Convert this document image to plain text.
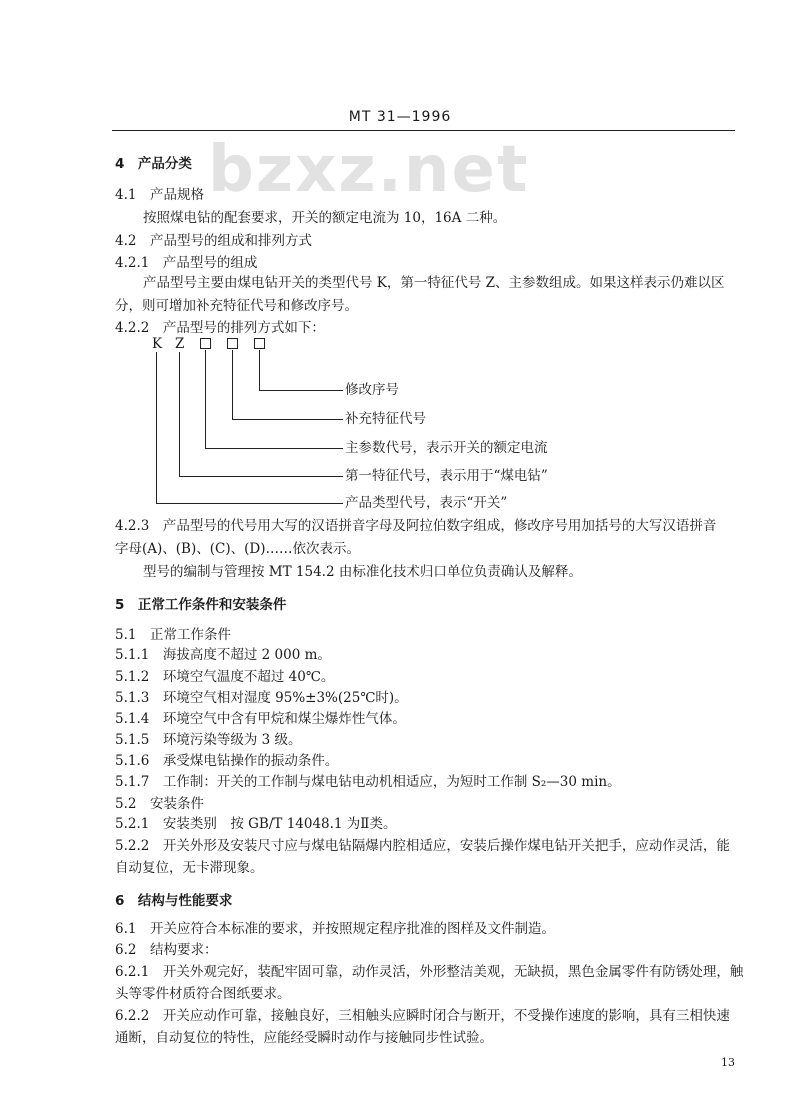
MT 31—1996
bzxz.net
4　产品分类
4.1　产品规格
按照煤电钻的配套要求，开关的额定电流为 10，16A 二种。
4.2　产品型号的组成和排列方式
4.2.1　产品型号的组成
产品型号主要由煤电钻开关的类型代号 K，第一特征代号 Z、主参数组成。如果这样表示仍难以区
分，则可增加补充特征代号和修改序号。
4.2.2　产品型号的排列方式如下：
K Z
修改序号
补充特征代号
主参数代号，表示开关的额定电流
第一特征代号，表示用于“煤电钻”
产品类型代号，表示“开关”
4.2.3　产品型号的代号用大写的汉语拼音字母及阿拉伯数字组成，修改序号用加括号的大写汉语拼音
字母(A)、(B)、(C)、(D)……依次表示。
型号的编制与管理按 MT 154.2 由标准化技术归口单位负责确认及解释。
5　正常工作条件和安装条件
5.1　正常工作条件
5.1.1　海拔高度不超过 2 000 m。
5.1.2　环境空气温度不超过 40℃。
5.1.3　环境空气相对湿度 95%±3%(25℃时)。
5.1.4　环境空气中含有甲烷和煤尘爆炸性气体。
5.1.5　环境污染等级为 3 级。
5.1.6　承受煤电钻操作的振动条件。
5.1.7　工作制：开关的工作制与煤电钻电动机相适应，为短时工作制 S₂—30 min。
5.2　安装条件
5.2.1　安装类别　按 GB/T 14048.1 为Ⅱ类。
5.2.2　开关外形及安装尺寸应与煤电钻隔爆内腔相适应，安装后操作煤电钻开关把手，应动作灵活，能
自动复位，无卡滞现象。
6　结构与性能要求
6.1　开关应符合本标准的要求，并按照规定程序批准的图样及文件制造。
6.2　结构要求：
6.2.1　开关外观完好，装配牢固可靠，动作灵活，外形整洁美观，无缺损，黑色金属零件有防锈处理，触
头等零件材质符合图纸要求。
6.2.2　开关应动作可靠，接触良好，三相触头应瞬时闭合与断开，不受操作速度的影响，具有三相快速
通断，自动复位的特性，应能经受瞬时动作与接触同步性试验。
13
